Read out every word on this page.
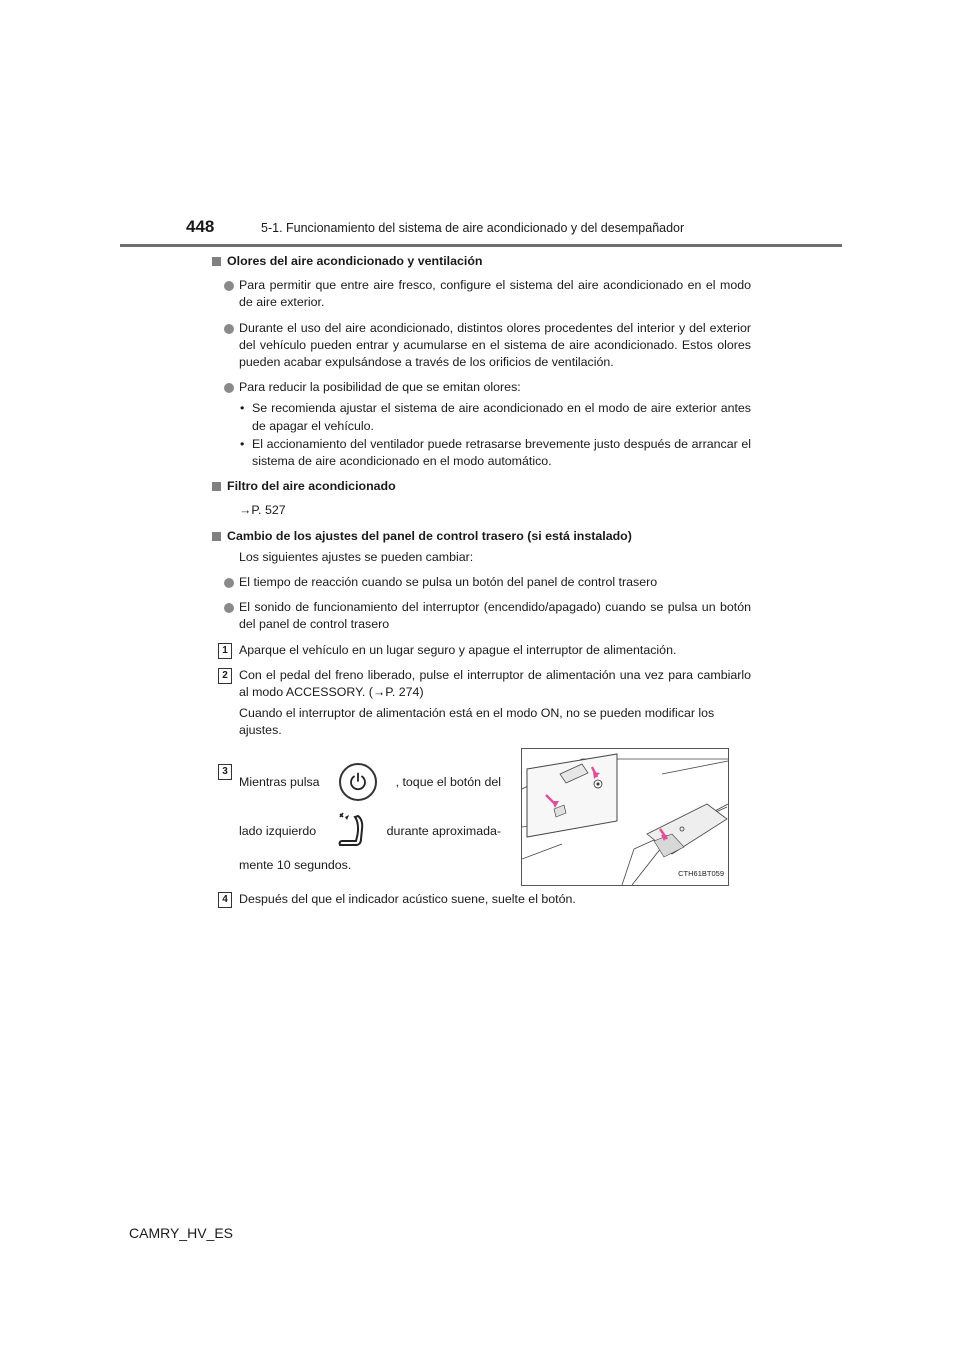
448	5-1. Funcionamiento del sistema de aire acondicionado y del desempañador
Olores del aire acondicionado y ventilación
Para permitir que entre aire fresco, configure el sistema del aire acondicionado en el modo de aire exterior.
Durante el uso del aire acondicionado, distintos olores procedentes del interior y del exterior del vehículo pueden entrar y acumularse en el sistema de aire acondicionado. Estos olores pueden acabar expulsándose a través de los orificios de ventilación.
Para reducir la posibilidad de que se emitan olores:
• Se recomienda ajustar el sistema de aire acondicionado en el modo de aire exterior antes de apagar el vehículo.
• El accionamiento del ventilador puede retrasarse brevemente justo después de arrancar el sistema de aire acondicionado en el modo automático.
Filtro del aire acondicionado
→P. 527
Cambio de los ajustes del panel de control trasero (si está instalado)
Los siguientes ajustes se pueden cambiar:
El tiempo de reacción cuando se pulsa un botón del panel de control trasero
El sonido de funcionamiento del interruptor (encendido/apagado) cuando se pulsa un botón del panel de control trasero
1 Aparque el vehículo en un lugar seguro y apague el interruptor de alimentación.
2 Con el pedal del freno liberado, pulse el interruptor de alimentación una vez para cambiarlo al modo ACCESSORY. (→P. 274)
Cuando el interruptor de alimentación está en el modo ON, no se pueden modificar los ajustes.
3
Mientras pulsa	, toque el botón del
lado izquierdo	durante aproximada-
mente 10 segundos.
CTH61BT059
4 Después del que el indicador acústico suene, suelte el botón.
CAMRY_HV_ES
